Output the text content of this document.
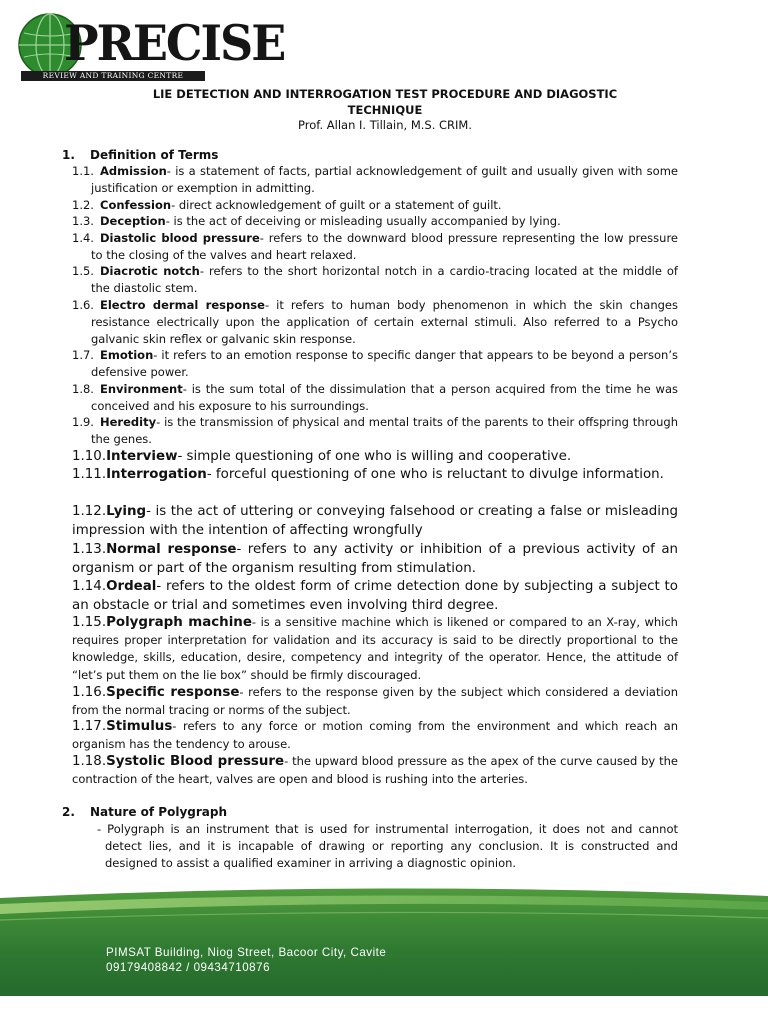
PRECISE
REVIEW AND TRAINING CENTRE
LIE DETECTION AND INTERROGATION TEST PROCEDURE AND DIAGOSTIC
TECHNIQUE
Prof. Allan I. Tillain, M.S. CRIM.
1. Definition of Terms
1.1. Admission- is a statement of facts, partial acknowledgement of guilt and usually given with some justification or exemption in admitting.
1.2. Confession- direct acknowledgement of guilt or a statement of guilt.
1.3. Deception- is the act of deceiving or misleading usually accompanied by lying.
1.4. Diastolic blood pressure- refers to the downward blood pressure representing the low pressure to the closing of the valves and heart relaxed.
1.5. Diacrotic notch- refers to the short horizontal notch in a cardio-tracing located at the middle of the diastolic stem.
1.6. Electro dermal response- it refers to human body phenomenon in which the skin changes resistance electrically upon the application of certain external stimuli. Also referred to a Psycho galvanic skin reflex or galvanic skin response.
1.7. Emotion- it refers to an emotion response to specific danger that appears to be beyond a person’s defensive power.
1.8. Environment- is the sum total of the dissimulation that a person acquired from the time he was conceived and his exposure to his surroundings.
1.9. Heredity- is the transmission of physical and mental traits of the parents to their offspring through the genes.
1.10.Interview- simple questioning of one who is willing and cooperative.
1.11.Interrogation- forceful questioning of one who is reluctant to divulge information.
1.12.Lying- is the act of uttering or conveying falsehood or creating a false or misleading impression with the intention of affecting wrongfully
1.13.Normal response- refers to any activity or inhibition of a previous activity of an organism or part of the organism resulting from stimulation.
1.14.Ordeal- refers to the oldest form of crime detection done by subjecting a subject to an obstacle or trial and sometimes even involving third degree.
1.15.Polygraph machine- is a sensitive machine which is likened or compared to an X-ray, which requires proper interpretation for validation and its accuracy is said to be directly proportional to the knowledge, skills, education, desire, competency and integrity of the operator. Hence, the attitude of “let’s put them on the lie box” should be firmly discouraged.
1.16.Specific response- refers to the response given by the subject which considered a deviation from the normal tracing or norms of the subject.
1.17.Stimulus- refers to any force or motion coming from the environment and which reach an organism has the tendency to arouse.
1.18.Systolic Blood pressure- the upward blood pressure as the apex of the curve caused by the contraction of the heart, valves are open and blood is rushing into the arteries.
2. Nature of Polygraph
- Polygraph is an instrument that is used for instrumental interrogation, it does not and cannot detect lies, and it is incapable of drawing or reporting any conclusion. It is constructed and designed to assist a qualified examiner in arriving a diagnostic opinion.
PIMSAT Building, Niog Street, Bacoor City, Cavite
09179408842 / 09434710876
